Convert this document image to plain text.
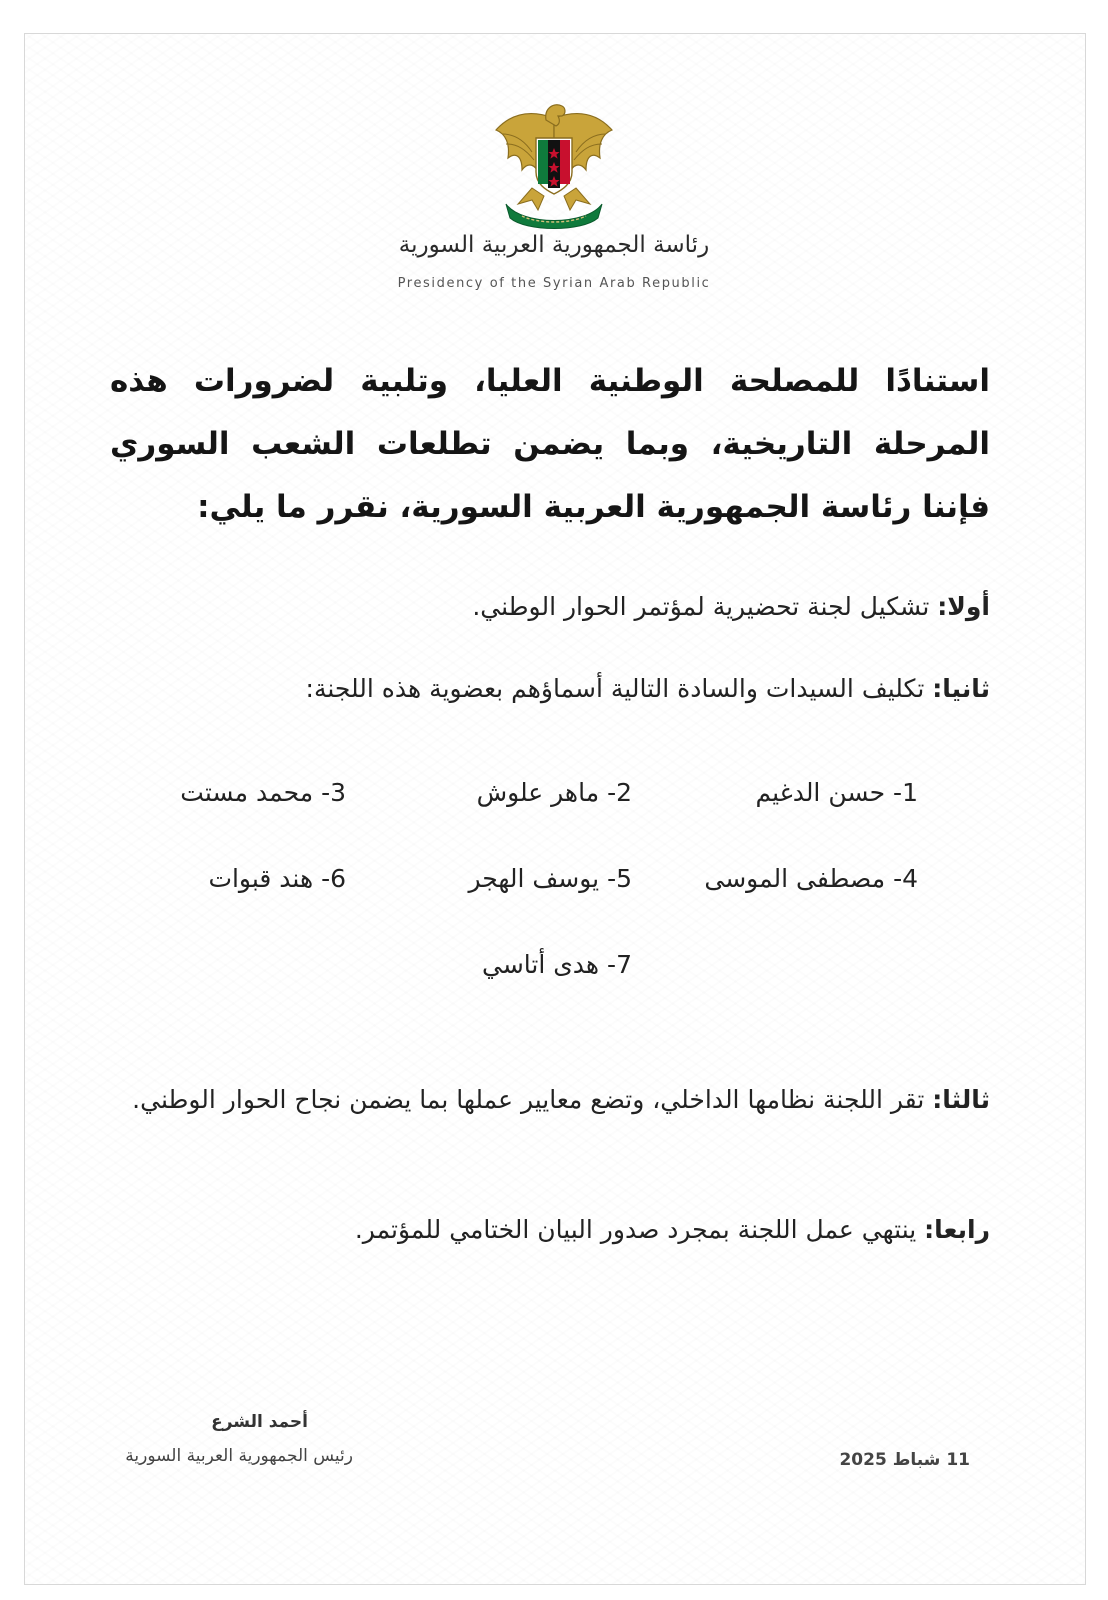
رئاسة الجمهورية العربية السورية
Presidency of the Syrian Arab Republic

استنادًا للمصلحة الوطنية العليا، وتلبية لضرورات هذه المرحلة التاريخية، وبما يضمن تطلعات الشعب السوري فإننا رئاسة الجمهورية العربية السورية، نقرر ما يلي:

أولا: تشكيل لجنة تحضيرية لمؤتمر الحوار الوطني.

ثانيا: تكليف السيدات والسادة التالية أسماؤهم بعضوية هذه اللجنة:

1- حسن الدغيم
2- ماهر علوش
3- محمد مستت
4- مصطفى الموسى
5- يوسف الهجر
6- هند قبوات
7- هدى أتاسي

ثالثا: تقر اللجنة نظامها الداخلي، وتضع معايير عملها بما يضمن نجاح الحوار الوطني.

رابعا: ينتهي عمل اللجنة بمجرد صدور البيان الختامي للمؤتمر.

أحمد الشرع
رئيس الجمهورية العربية السورية	11 شباط 2025
